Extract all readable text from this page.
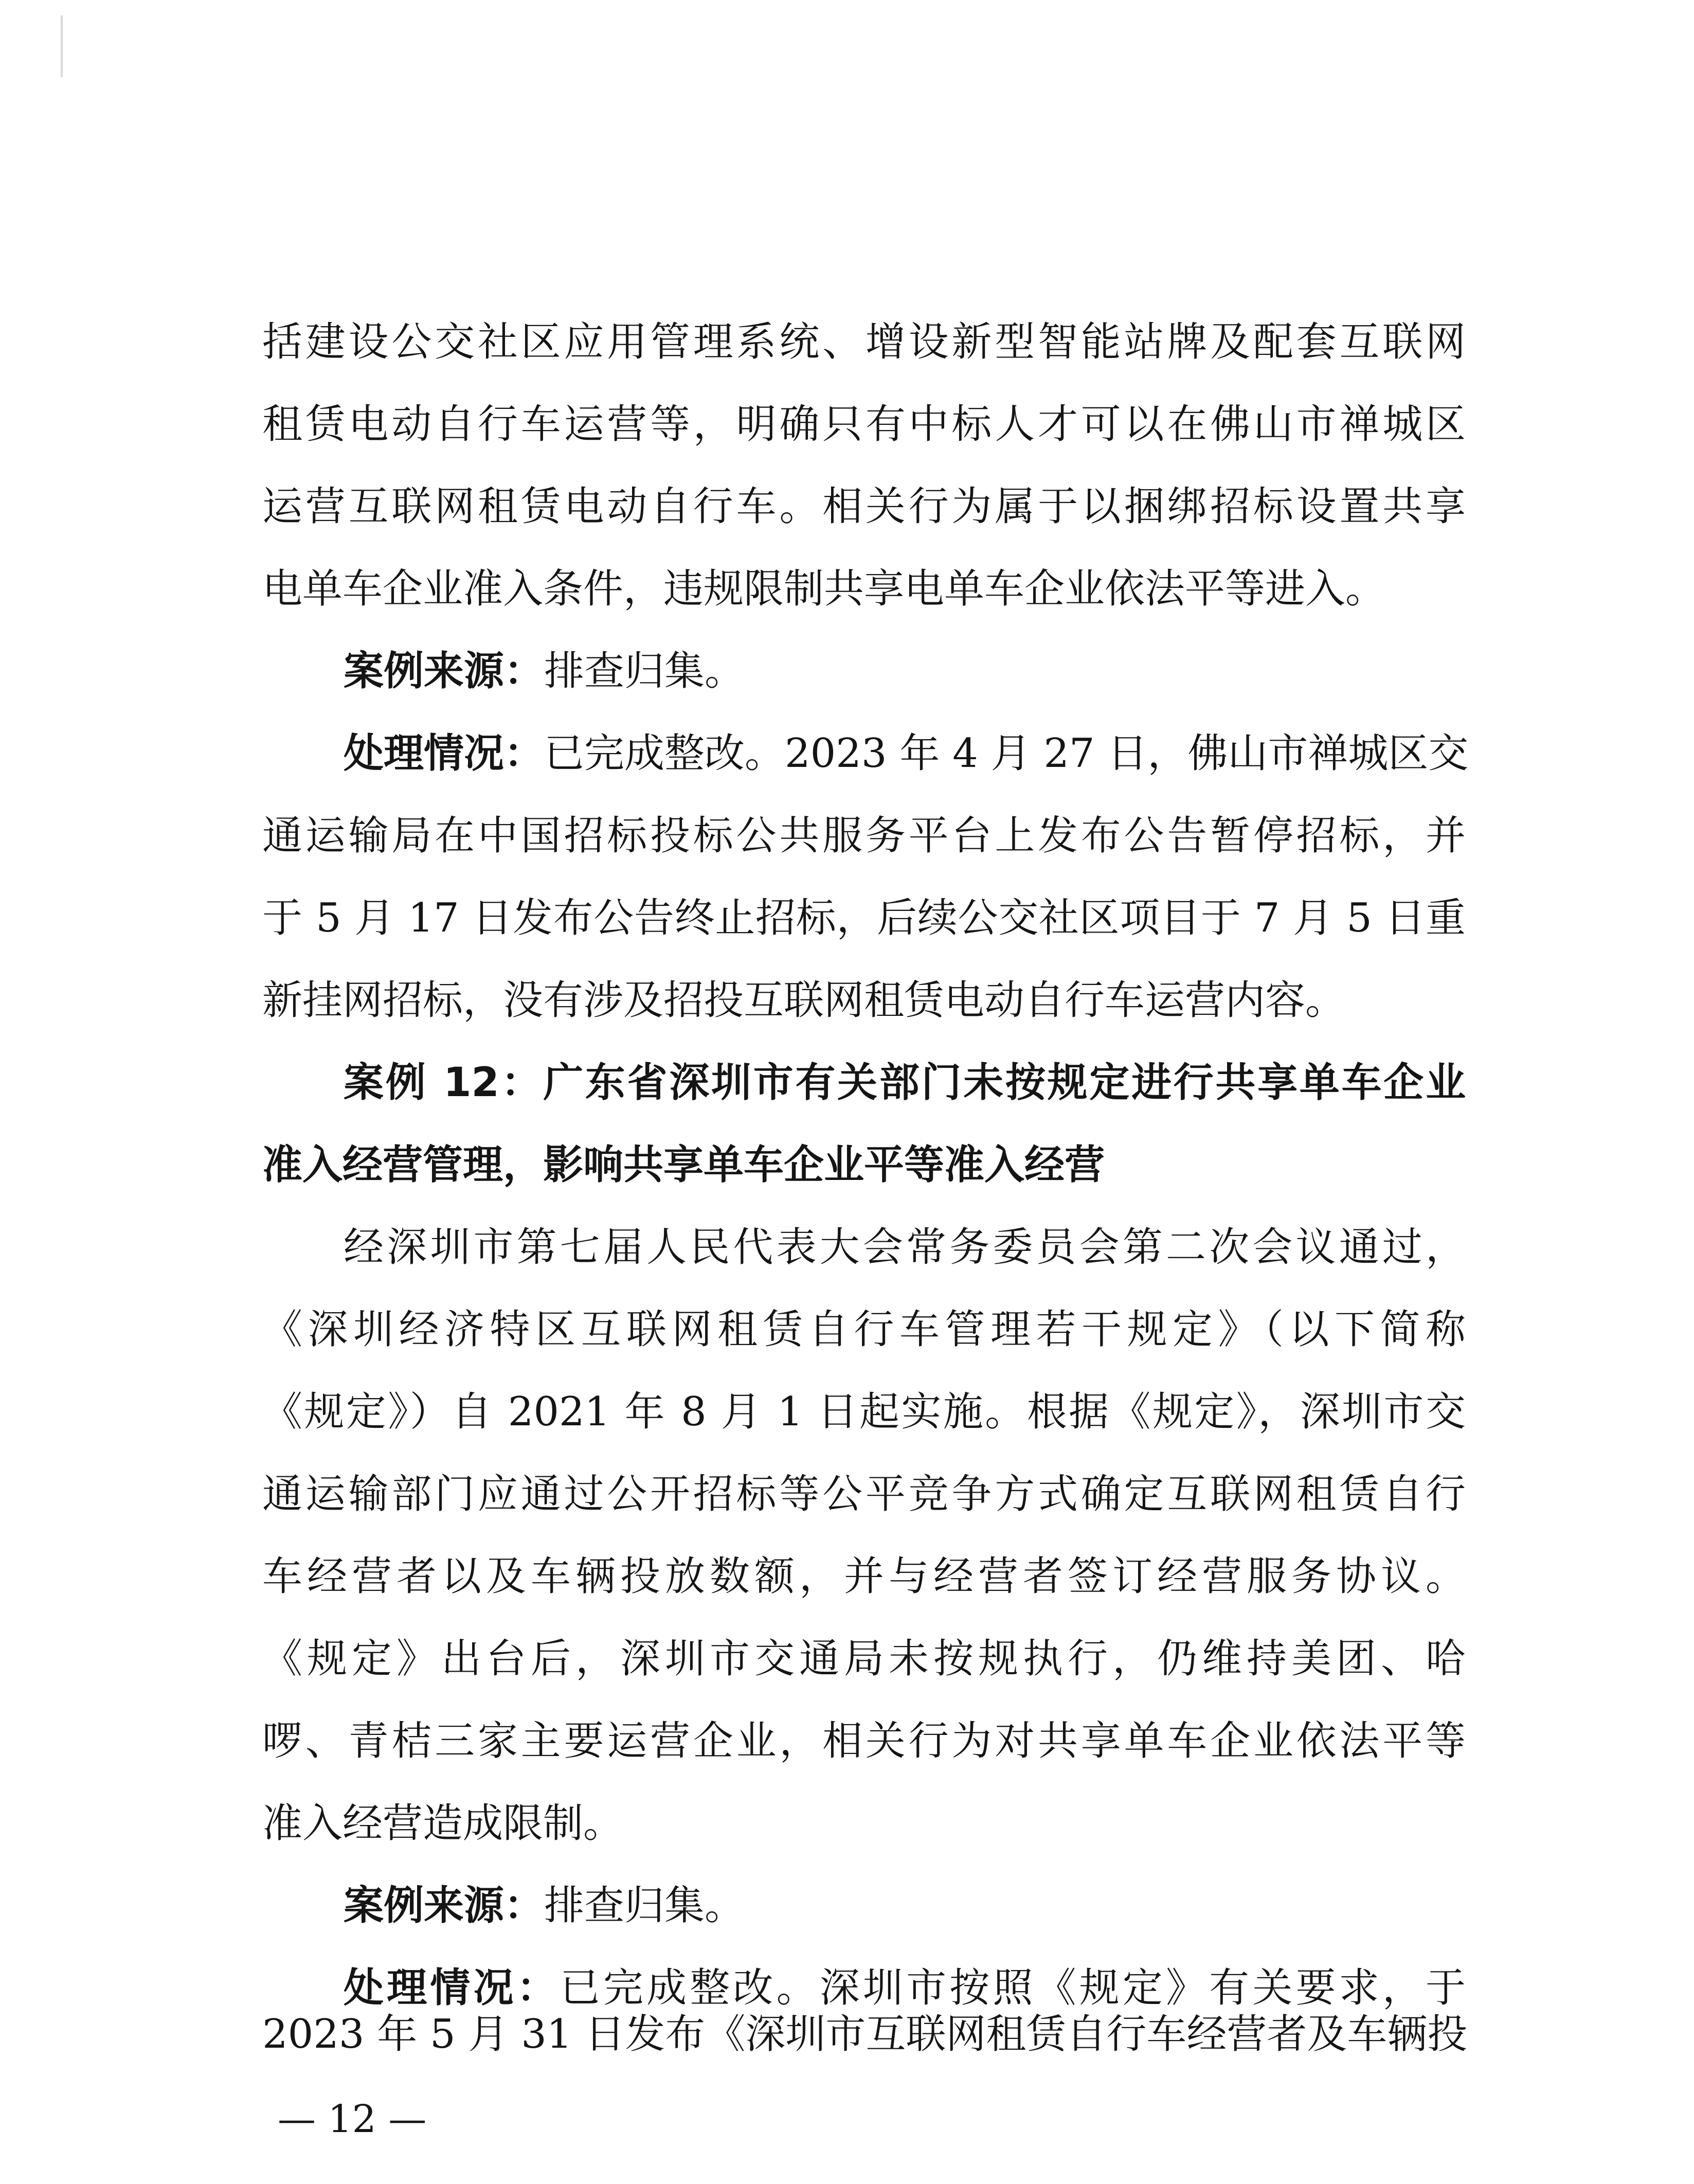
括建设公交社区应用管理系统、增设新型智能站牌及配套互联网
租赁电动自行车运营等，明确只有中标人才可以在佛山市禅城区
运营互联网租赁电动自行车。相关行为属于以捆绑招标设置共享
电单车企业准入条件，违规限制共享电单车企业依法平等进入。
案例来源：排查归集。
处理情况：已完成整改。2023 年 4 月 27 日，佛山市禅城区交
通运输局在中国招标投标公共服务平台上发布公告暂停招标，并
于 5 月 17 日发布公告终止招标，后续公交社区项目于 7 月 5 日重
新挂网招标，没有涉及招投互联网租赁电动自行车运营内容。
案例 12：广东省深圳市有关部门未按规定进行共享单车企业
准入经营管理，影响共享单车企业平等准入经营
经深圳市第七届人民代表大会常务委员会第二次会议通过，
《深圳经济特区互联网租赁自行车管理若干规定》（以下简称
《规定》）自 2021 年 8 月 1 日起实施。根据《规定》，深圳市交
通运输部门应通过公开招标等公平竞争方式确定互联网租赁自行
车经营者以及车辆投放数额，并与经营者签订经营服务协议。
《规定》出台后，深圳市交通局未按规执行，仍维持美团、哈
啰、青桔三家主要运营企业，相关行为对共享单车企业依法平等
准入经营造成限制。
案例来源：排查归集。
处理情况：已完成整改。深圳市按照《规定》有关要求，于
2023 年 5 月 31 日发布《深圳市互联网租赁自行车经营者及车辆投
— 12 —
